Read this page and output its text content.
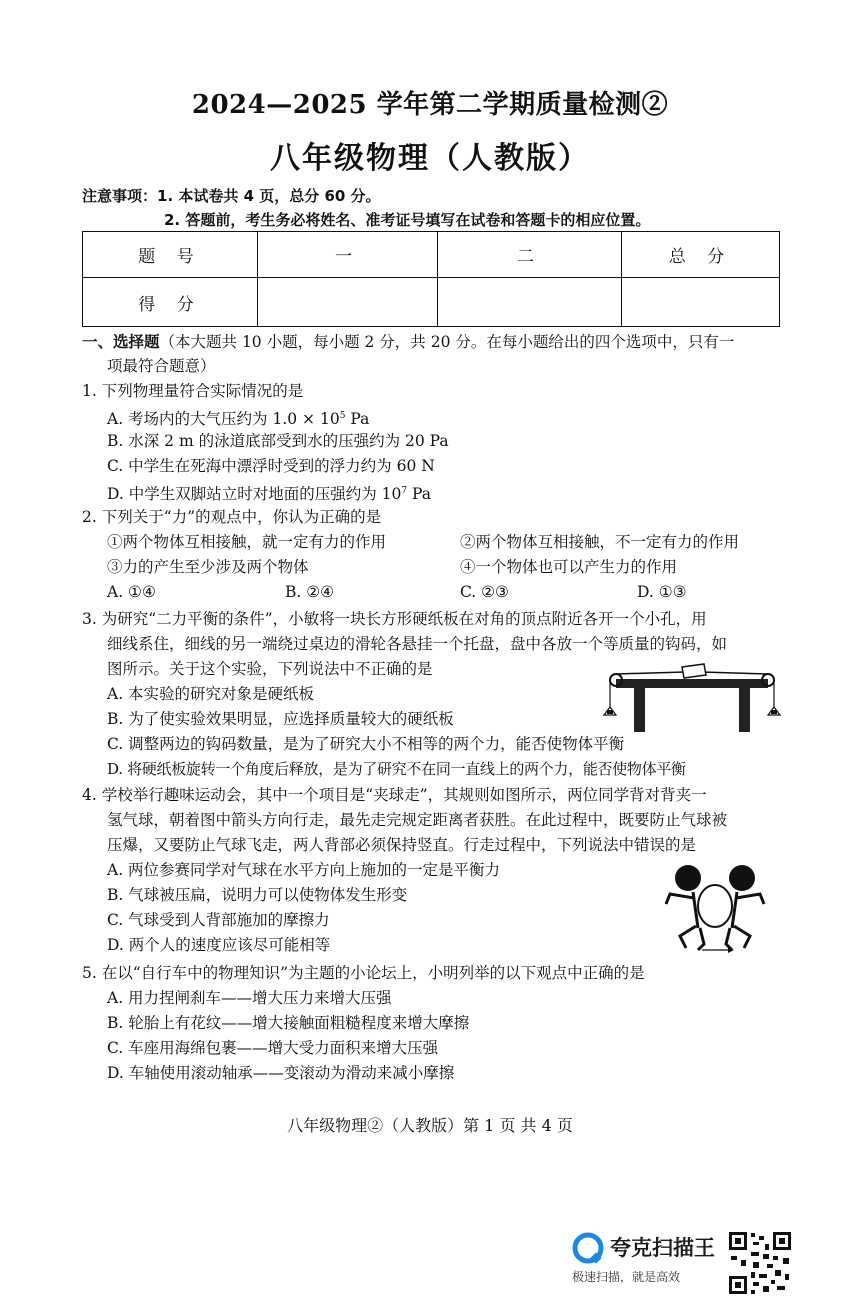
2024—2025 学年第二学期质量检测②
八年级物理（人教版）
注意事项：1. 本试卷共 4 页，总分 60 分。
2. 答题前，考生务必将姓名、准考证号填写在试卷和答题卡的相应位置。
题 号	一	二	总 分
得 分			
一、选择题（本大题共 10 小题，每小题 2 分，共 20 分。在每小题给出的四个选项中，只有一
项最符合题意）
1. 下列物理量符合实际情况的是
A. 考场内的大气压约为 $1.0 \times 10^5$ Pa
B. 水深 2 m 的泳道底部受到水的压强约为 20 Pa
C. 中学生在死海中漂浮时受到的浮力约为 60 N
D. 中学生双脚站立时对地面的压强约为 $10^7$ Pa
2. 下列关于“力”的观点中，你认为正确的是
①两个物体互相接触，就一定有力的作用	②两个物体互相接触，不一定有力的作用
③力的产生至少涉及两个物体	④一个物体也可以产生力的作用
A. ①④	B. ②④	C. ②③	D. ①③
3. 为研究“二力平衡的条件”，小敏将一块长方形硬纸板在对角的顶点附近各开一个小孔，用
细线系住，细线的另一端绕过桌边的滑轮各悬挂一个托盘，盘中各放一个等质量的钩码，如
图所示。关于这个实验，下列说法中不正确的是
A. 本实验的研究对象是硬纸板
B. 为了使实验效果明显，应选择质量较大的硬纸板
C. 调整两边的钩码数量，是为了研究大小不相等的两个力，能否使物体平衡
D. 将硬纸板旋转一个角度后释放，是为了研究不在同一直线上的两个力，能否使物体平衡
4. 学校举行趣味运动会，其中一个项目是“夹球走”，其规则如图所示，两位同学背对背夹一
氢气球，朝着图中箭头方向行走，最先走完规定距离者获胜。在此过程中，既要防止气球被
压爆，又要防止气球飞走，两人背部必须保持竖直。行走过程中，下列说法中错误的是
A. 两位参赛同学对气球在水平方向上施加的一定是平衡力
B. 气球被压扁，说明力可以使物体发生形变
C. 气球受到人背部施加的摩擦力
D. 两个人的速度应该尽可能相等
5. 在以“自行车中的物理知识”为主题的小论坛上，小明列举的以下观点中正确的是
A. 用力捏闸刹车——增大压力来增大压强
B. 轮胎上有花纹——增大接触面粗糙程度来增大摩擦
C. 车座用海绵包裹——增大受力面积来增大压强
D. 车轴使用滚动轴承——变滚动为滑动来减小摩擦
八年级物理②（人教版）第 1 页 共 4 页
夸克扫描王
极速扫描，就是高效
